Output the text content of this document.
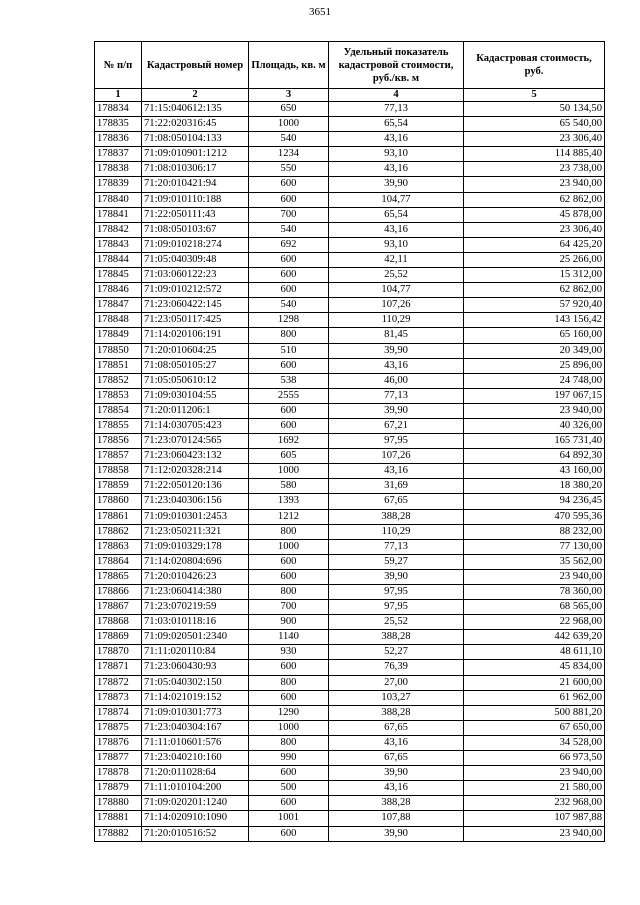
3651
№ п/п	Кадастровый номер	Площадь, кв. м	Удельный показатель кадастровой стоимости, руб./кв. м	Кадастровая стоимость, руб.
1	2	3	4	5
178834	71:15:040612:135	650	77,13	50 134,50
178835	71:22:020316:45	1000	65,54	65 540,00
178836	71:08:050104:133	540	43,16	23 306,40
178837	71:09:010901:1212	1234	93,10	114 885,40
178838	71:08:010306:17	550	43,16	23 738,00
178839	71:20:010421:94	600	39,90	23 940,00
178840	71:09:010110:188	600	104,77	62 862,00
178841	71:22:050111:43	700	65,54	45 878,00
178842	71:08:050103:67	540	43,16	23 306,40
178843	71:09:010218:274	692	93,10	64 425,20
178844	71:05:040309:48	600	42,11	25 266,00
178845	71:03:060122:23	600	25,52	15 312,00
178846	71:09:010212:572	600	104,77	62 862,00
178847	71:23:060422:145	540	107,26	57 920,40
178848	71:23:050117:425	1298	110,29	143 156,42
178849	71:14:020106:191	800	81,45	65 160,00
178850	71:20:010604:25	510	39,90	20 349,00
178851	71:08:050105:27	600	43,16	25 896,00
178852	71:05:050610:12	538	46,00	24 748,00
178853	71:09:030104:55	2555	77,13	197 067,15
178854	71:20:011206:1	600	39,90	23 940,00
178855	71:14:030705:423	600	67,21	40 326,00
178856	71:23:070124:565	1692	97,95	165 731,40
178857	71:23:060423:132	605	107,26	64 892,30
178858	71:12:020328:214	1000	43,16	43 160,00
178859	71:22:050120:136	580	31,69	18 380,20
178860	71:23:040306:156	1393	67,65	94 236,45
178861	71:09:010301:2453	1212	388,28	470 595,36
178862	71:23:050211:321	800	110,29	88 232,00
178863	71:09:010329:178	1000	77,13	77 130,00
178864	71:14:020804:696	600	59,27	35 562,00
178865	71:20:010426:23	600	39,90	23 940,00
178866	71:23:060414:380	800	97,95	78 360,00
178867	71:23:070219:59	700	97,95	68 565,00
178868	71:03:010118:16	900	25,52	22 968,00
178869	71:09:020501:2340	1140	388,28	442 639,20
178870	71:11:020110:84	930	52,27	48 611,10
178871	71:23:060430:93	600	76,39	45 834,00
178872	71:05:040302:150	800	27,00	21 600,00
178873	71:14:021019:152	600	103,27	61 962,00
178874	71:09:010301:773	1290	388,28	500 881,20
178875	71:23:040304:167	1000	67,65	67 650,00
178876	71:11:010601:576	800	43,16	34 528,00
178877	71:23:040210:160	990	67,65	66 973,50
178878	71:20:011028:64	600	39,90	23 940,00
178879	71:11:010104:200	500	43,16	21 580,00
178880	71:09:020201:1240	600	388,28	232 968,00
178881	71:14:020910:1090	1001	107,88	107 987,88
178882	71:20:010516:52	600	39,90	23 940,00
